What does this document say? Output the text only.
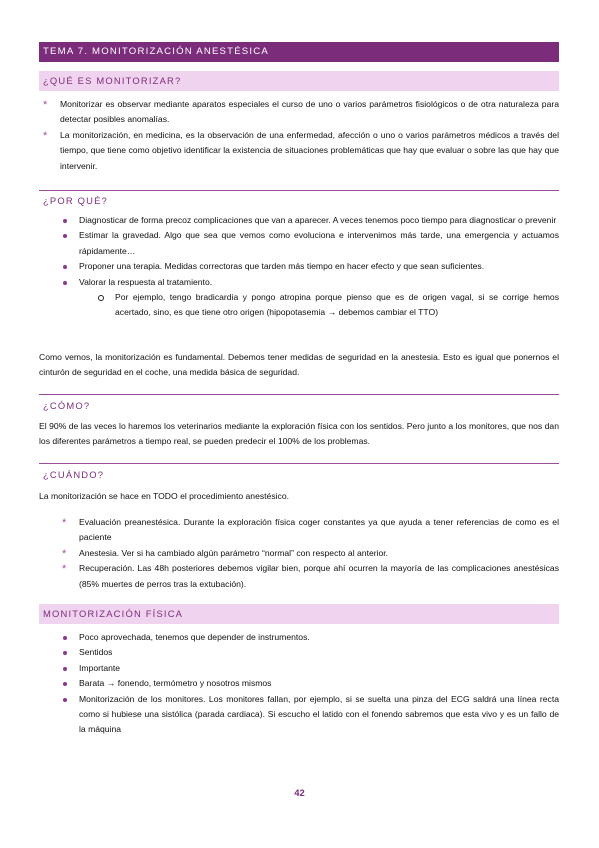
TEMA 7. MONITORIZACIÓN ANESTÉSICA
¿QUÉ ES MONITORIZAR?
* Monitorizar es observar mediante aparatos especiales el curso de uno o varios parámetros fisiológicos o de otra naturaleza para detectar posibles anomalías.
* La monitorización, en medicina, es la observación de una enfermedad, afección o uno o varios parámetros médicos a través del tiempo, que tiene como objetivo identificar la existencia de situaciones problemáticas que hay que evaluar o sobre las que hay que intervenir.
¿POR QUÉ?
Diagnosticar de forma precoz complicaciones que van a aparecer. A veces tenemos poco tiempo para diagnosticar o prevenir
Estimar la gravedad. Algo que sea que vemos como evoluciona e intervenimos más tarde, una emergencia y actuamos rápidamente…
Proponer una terapia. Medidas correctoras que tarden más tiempo en hacer efecto y que sean suficientes.
Valorar la respuesta al tratamiento.
Por ejemplo, tengo bradicardia y pongo atropina porque pienso que es de origen vagal, si se corrige hemos acertado, sino, es que tiene otro origen (hipopotasemia → debemos cambiar el TTO)

Como vemos, la monitorización es fundamental. Debemos tener medidas de seguridad en la anestesia. Esto es igual que ponernos el cinturón de seguridad en el coche, una medida básica de seguridad.

¿CÓMO?

El 90% de las veces lo haremos los veterinarios mediante la exploración física con los sentidos. Pero junto a los monitores, que nos dan los diferentes parámetros a tiempo real, se pueden predecir el 100% de los problemas.

¿CUÁNDO?

La monitorización se hace en TODO el procedimiento anestésico.

* Evaluación preanestésica. Durante la exploración física coger constantes ya que ayuda a tener referencias de como es el paciente
* Anestesia. Ver si ha cambiado algún parámetro “normal” con respecto al anterior.
* Recuperación. Las 48h posteriores debemos vigilar bien, porque ahí ocurren la mayoría de las complicaciones anestésicas (85% muertes de perros tras la extubación).
MONITORIZACIÓN FÍSICA
Poco aprovechada, tenemos que depender de instrumentos.
Sentidos
Importante
Barata → fonendo, termómetro y nosotros mismos
Monitorización de los monitores. Los monitores fallan, por ejemplo, si se suelta una pinza del ECG saldrá una línea recta como si hubiese una sistólica (parada cardiaca). Si escucho el latido con el fonendo sabremos que esta vivo y es un fallo de la máquina
42
